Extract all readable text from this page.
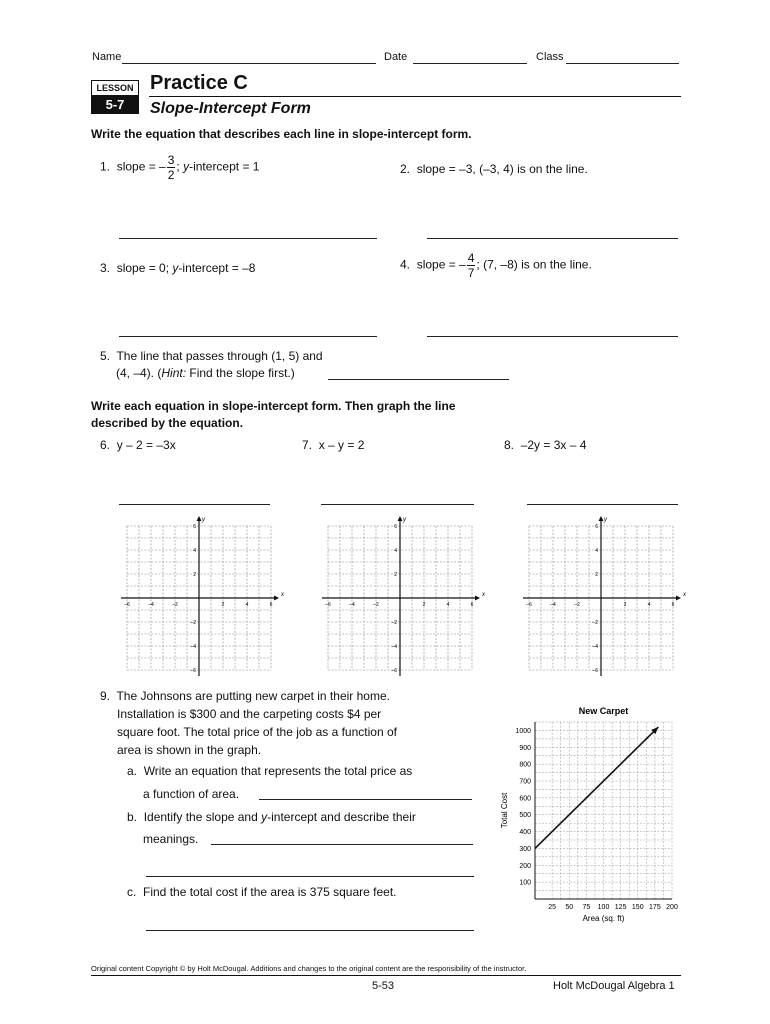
Name	Date	Class
LESSON
5-7
Practice C
Slope-Intercept Form
Write the equation that describes each line in slope-intercept form.
1. slope = – $\frac{3}{2}$ ; y-intercept = 1	2. slope = –3, (–3, 4) is on the line.
3. slope = 0; y-intercept = –8	4. slope = – $\frac{4}{7}$ ; (7, –8) is on the line.
5. The line that passes through (1, 5) and
(4, –4). (Hint: Find the slope first.)
Write each equation in slope-intercept form. Then graph the line
described by the equation.
6. y – 2 = –3x	7. x – y = 2	8. –2y = 3x – 4
x
y
–6	–4	–2	2	4	6
6
4
2
–2
–4
–6
x
y
–6	–4	–2	2	4	6
6
4
2
–2
–4
–6
x
y
–6	–4	–2	2	4	6
6
4
2
–2
–4
–6
9. The Johnsons are putting new carpet in their home.
Installation is $300 and the carpeting costs $4 per
square foot. The total price of the job as a function of
area is shown in the graph.
a. Write an equation that represents the total price as
a function of area.
b. Identify the slope and y-intercept and describe their
meanings.
c. Find the total cost if the area is 375 square feet.
New Carpet
100
200
300
400
500
600
700
800
900
1000
25 50 75 100 125 150 175 200
Area (sq. ft)
Total Cost
Original content Copyright © by Holt McDougal. Additions and changes to the original content are the responsibility of the instructor.
5-53	Holt McDougal Algebra 1
